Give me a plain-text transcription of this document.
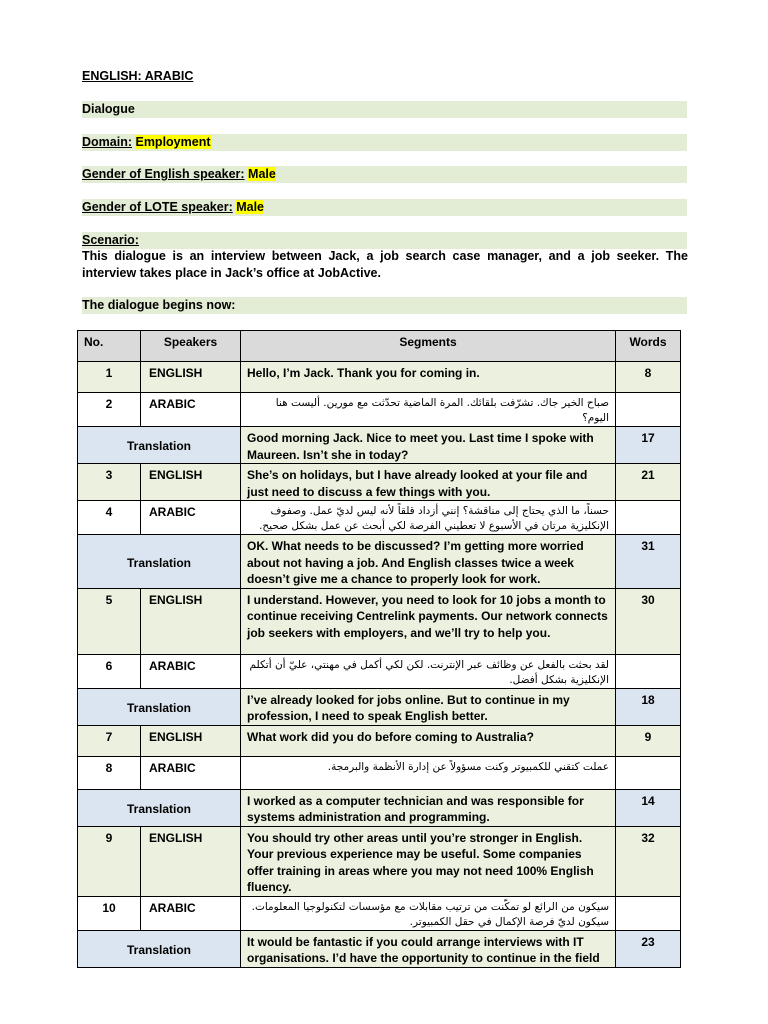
ENGLISH: ARABIC
Dialogue
Domain: Employment
Gender of English speaker: Male
Gender of LOTE speaker: Male
Scenario:
This dialogue is an interview between Jack, a job search case manager, and a job seeker. The interview takes place in Jack’s office at JobActive.
The dialogue begins now:
No.	Speakers	Segments	Words
1	ENGLISH	Hello, I’m Jack. Thank you for coming in.	8
2	ARABIC	صباح الخير جاك. تشرّفت بلقائك. المرة الماضية تحدّثت مع مورين. أليست هنا اليوم؟	
Translation		Good morning Jack. Nice to meet you. Last time I spoke with Maureen. Isn’t she in today?	17
3	ENGLISH	She’s on holidays, but I have already looked at your file and just need to discuss a few things with you.	21
4	ARABIC	حسناً، ما الذي يحتاج إلى مناقشة؟ إنني أزداد قلقاً لأنه ليس لديّ عمل. وصفوف الإنكليزية مرتان في الأسبوع لا تعطيني الفرصة لكي أبحث عن عمل بشكل صحيح.	
Translation		OK. What needs to be discussed? I’m getting more worried about not having a job. And English classes twice a week doesn’t give me a chance to properly look for work.	31
5	ENGLISH	I understand. However, you need to look for 10 jobs a month to continue receiving Centrelink payments. Our network connects job seekers with employers, and we’ll try to help you.	30
6	ARABIC	لقد بحثت بالفعل عن وظائف عبر الإنترنت. لكن لكي أكمل في مهنتي، عليّ أن أتكلم الإنكليزية بشكل أفضل.	
Translation		I’ve already looked for jobs online. But to continue in my profession, I need to speak English better.	18
7	ENGLISH	What work did you do before coming to Australia?	9
8	ARABIC	عملت كتقني للكمبيوتر وكنت مسؤولاً عن إدارة الأنظمة والبرمجة.	
Translation		I worked as a computer technician and was responsible for systems administration and programming.	14
9	ENGLISH	You should try other areas until you’re stronger in English. Your previous experience may be useful. Some companies offer training in areas where you may not need 100% English fluency.	32
10	ARABIC	سيكون من الرائع لو تمكّنت من ترتيب مقابلات مع مؤسسات لتكنولوجيا المعلومات. سيكون لديّ فرصة الإكمال في حقل الكمبيوتر.	
Translation		It would be fantastic if you could arrange interviews with IT organisations. I’d have the opportunity to continue in the field	23
